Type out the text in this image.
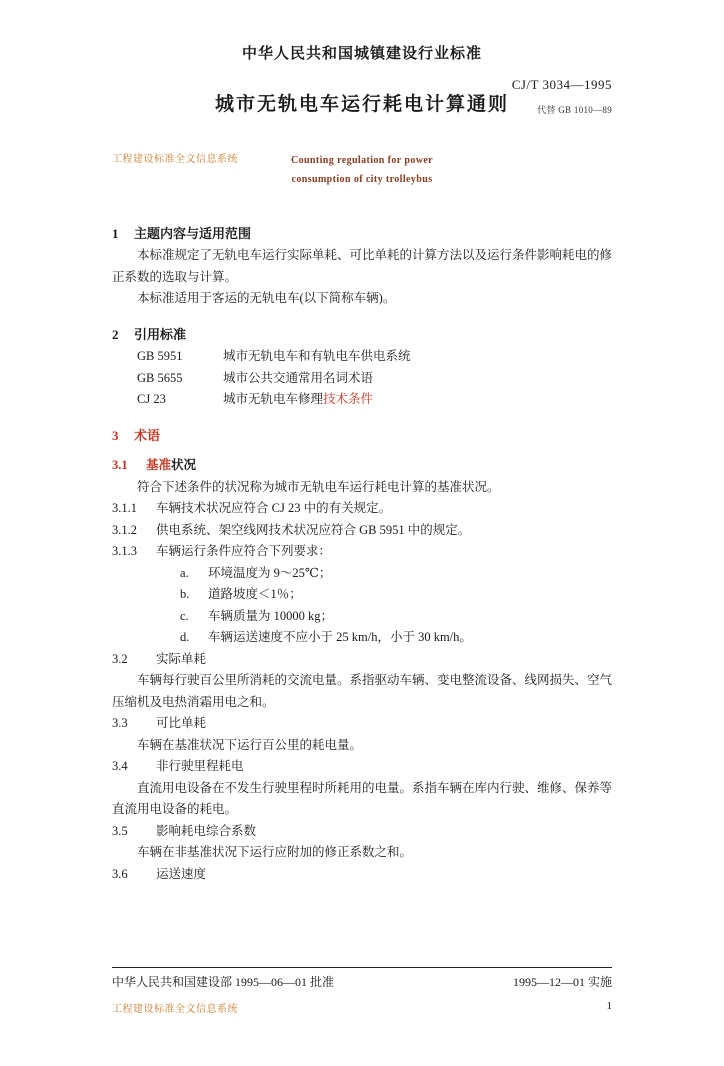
工程建设标准全文信息系统
中华人民共和国城镇建设行业标准
城市无轨电车运行耗电计算通则
CJ/T 3034—1995
代替 GB 1010—89
Counting regulation for power
consumption of city trolleybus
1 主题内容与适用范围

本标准规定了无轨电车运行实际单耗、可比单耗的计算方法以及运行条件影响耗电的修正系数的选取与计算。

本标准适用于客运的无轨电车(以下简称车辆)。

2 引用标准

GB 5951	城市无轨电车和有轨电车供电系统

GB 5655	城市公共交通常用名词术语

CJ 23	城市无轨电车修理技术条件

3 术语
3.1 基准状况

符合下述条件的状况称为城市无轨电车运行耗电计算的基准状况。

3.1.1	车辆技术状况应符合 CJ 23 中的有关规定。

3.1.2	供电系统、架空线网技术状况应符合 GB 5951 中的规定。

3.1.3	车辆运行条件应符合下列要求：

a.	环境温度为 9～25℃；

b.	道路坡度＜1％；

c.	车辆质量为 10000 kg；

d.	车辆运送速度不应小于 25 km/h，小于 30 km/h。

3.2	实际单耗

车辆每行驶百公里所消耗的交流电量。系指驱动车辆、变电整流设备、线网损失、空气压缩机及电热消霜用电之和。

3.3	可比单耗

车辆在基准状况下运行百公里的耗电量。

3.4	非行驶里程耗电

直流用电设备在不发生行驶里程时所耗用的电量。系指车辆在库内行驶、维修、保养等直流用电设备的耗电。

3.5	影响耗电综合系数

车辆在非基准状况下运行应附加的修正系数之和。

3.6	运送速度

中华人民共和国建设部 1995—06—01 批准	1995—12—01 实施
工程建设标准全文信息系统	1
